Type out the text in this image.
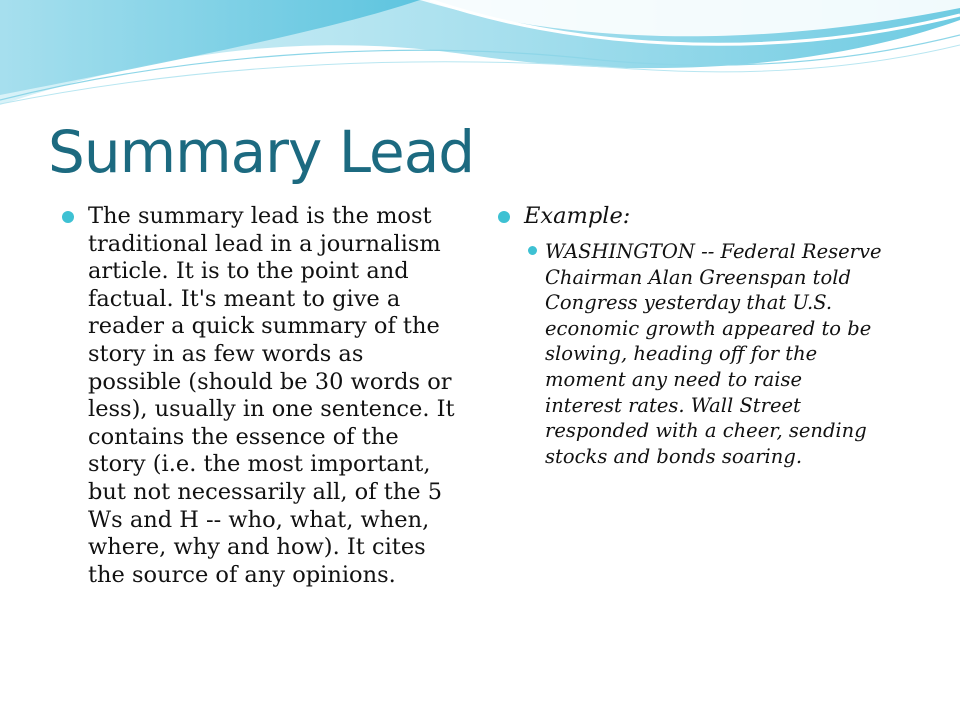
Summary Lead

The summary lead is the most traditional lead in a journalism article. It is to the point and factual. It's meant to give a reader a quick summary of the story in as few words as possible (should be 30 words or less), usually in one sentence. It contains the essence of the story (i.e. the most important, but not necessarily all, of the 5 Ws and H -- who, what, when, where, why and how). It cites the source of any opinions.

Example:

WASHINGTON -- Federal Reserve Chairman Alan Greenspan told Congress yesterday that U.S. economic growth appeared to be slowing, heading off for the moment any need to raise interest rates. Wall Street responded with a cheer, sending stocks and bonds soaring.
